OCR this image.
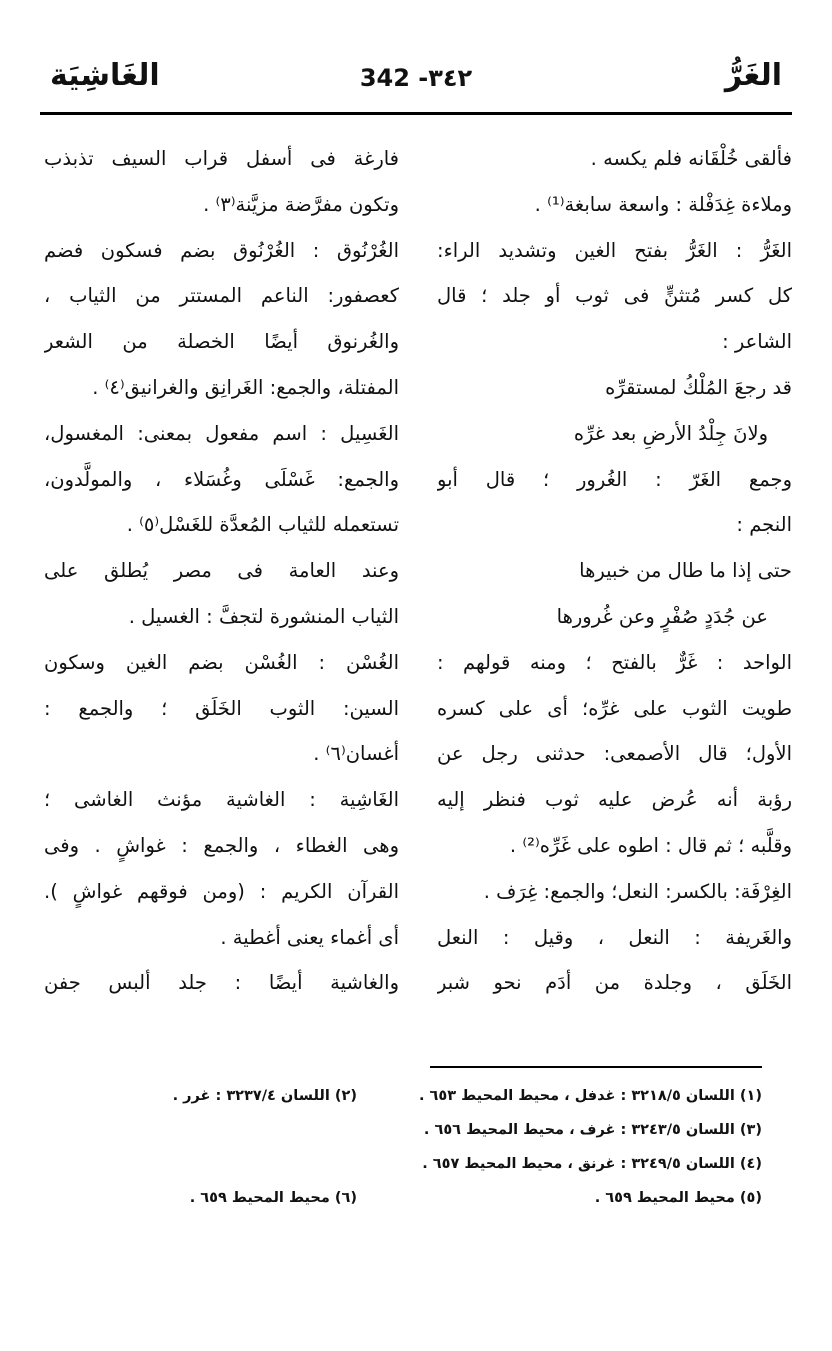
الغَرُّ
342 -٣٤٢
الغَاشِيَة
فألقى خُلْقَانه فلم يكسه .
وملاءة غِدَفْلة : واسعة سابغة⁽¹⁾ .
الغَرُّ : الغَرُّ بفتح الغين وتشديد الراء:
كل كسر مُتثنٍّ فى ثوب أو جلد ؛ قال
الشاعر :
قد رجعَ المُلْكُ لمستقرِّه
ولانَ جِلْدُ الأرضِ بعد غرِّه
وجمع الغَرّ : الغُرور ؛ قال أبو
النجم :
حتى إذا ما طال من خبيرها
عن جُدَدٍ صُفْرٍ وعن غُرورها
الواحد : غَرٌّ بالفتح ؛ ومنه قولهم :
طويت الثوب على غرِّه؛ أى على كسره
الأول؛ قال الأصمعى: حدثنى رجل عن
رؤبة أنه عُرض عليه ثوب فنظر إليه
وقلَّبه ؛ ثم قال : اطوه على غَرِّه⁽²⁾ .
الغِرْفَة: بالكسر: النعل؛ والجمع: غِرَف .
والغَريفة : النعل ، وقيل : النعل
الخَلَق ، وجلدة من أدَم نحو شبر
فارغة فى أسفل قراب السيف تذبذب
وتكون مفرَّضة مزيَّنة⁽٣⁾ .
الغُرْنُوق : الغُرْنُوق بضم فسكون فضم
كعصفور: الناعم المستتر من الثياب ،
والغُرنوق أيضًا الخصلة من الشعر
المفتلة، والجمع: الغَرانِق والغرانيق⁽٤⁾ .
الغَسِيل : اسم مفعول بمعنى: المغسول،
والجمع: غَسْلَى وغُسَلاء ، والمولَّدون،
تستعمله للثياب المُعدَّة للغَسْل⁽٥⁾ .
وعند العامة فى مصر يُطلق على
الثياب المنشورة لتجفَّ : الغسيل .
الغُسْن : الغُسْن بضم الغين وسكون
السين: الثوب الخَلَق ؛ والجمع :
أغسان⁽٦⁾ .
الغَاشِية : الغاشية مؤنث الغاشى ؛
وهى الغطاء ، والجمع : غواشٍ . وفى
القرآن الكريم : (ومن فوقهم غواشٍ ).
أى أغماء يعنى أغطية .
والغاشية أيضًا : جلد ألبس جفن
(١) اللسان ٣٢١٨/٥ : غدفل ، محيط المحيط ٦٥٣ .
(٢) اللسان ٣٢٣٧/٤ : غرر .
(٣) اللسان ٣٢٤٣/٥ : غرف ، محيط المحيط ٦٥٦ .
(٤) اللسان ٣٢٤٩/٥ : غرنق ، محيط المحيط ٦٥٧ .
(٥) محيط المحيط ٦٥٩ .
(٦) محيط المحيط ٦٥٩ .
